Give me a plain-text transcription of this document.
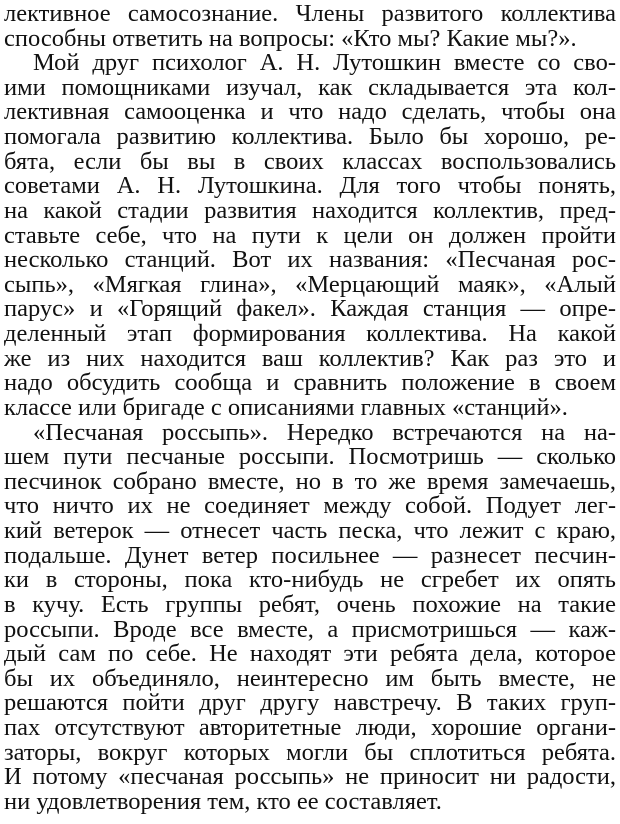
лективное самосознание. Члены развитого коллектива
способны ответить на вопросы: «Кто мы? Какие мы?».
Мой друг психолог А. Н. Лутошкин вместе со сво-
ими помощниками изучал, как складывается эта кол-
лективная самооценка и что надо сделать, чтобы она
помогала развитию коллектива. Было бы хорошо, ре-
бята, если бы вы в своих классах воспользовались
советами А. Н. Лутошкина. Для того чтобы понять,
на какой стадии развития находится коллектив, пред-
ставьте себе, что на пути к цели он должен пройти
несколько станций. Вот их названия: «Песчаная рос-
сыпь», «Мягкая глина», «Мерцающий маяк», «Алый
парус» и «Горящий факел». Каждая станция — опре-
деленный этап формирования коллектива. На какой
же из них находится ваш коллектив? Как раз это и
надо обсудить сообща и сравнить положение в своем
классе или бригаде с описаниями главных «станций».
«Песчаная россыпь». Нередко встречаются на на-
шем пути песчаные россыпи. Посмотришь — сколько
песчинок собрано вместе, но в то же время замечаешь,
что ничто их не соединяет между собой. Подует лег-
кий ветерок — отнесет часть песка, что лежит с краю,
подальше. Дунет ветер посильнее — разнесет песчин-
ки в стороны, пока кто-нибудь не сгребет их опять
в кучу. Есть группы ребят, очень похожие на такие
россыпи. Вроде все вместе, а присмотришься — каж-
дый сам по себе. Не находят эти ребята дела, которое
бы их объединяло, неинтересно им быть вместе, не
решаются пойти друг другу навстречу. В таких груп-
пах отсутствуют авторитетные люди, хорошие органи-
заторы, вокруг которых могли бы сплотиться ребята.
И потому «песчаная россыпь» не приносит ни радости,
ни удовлетворения тем, кто ее составляет.
